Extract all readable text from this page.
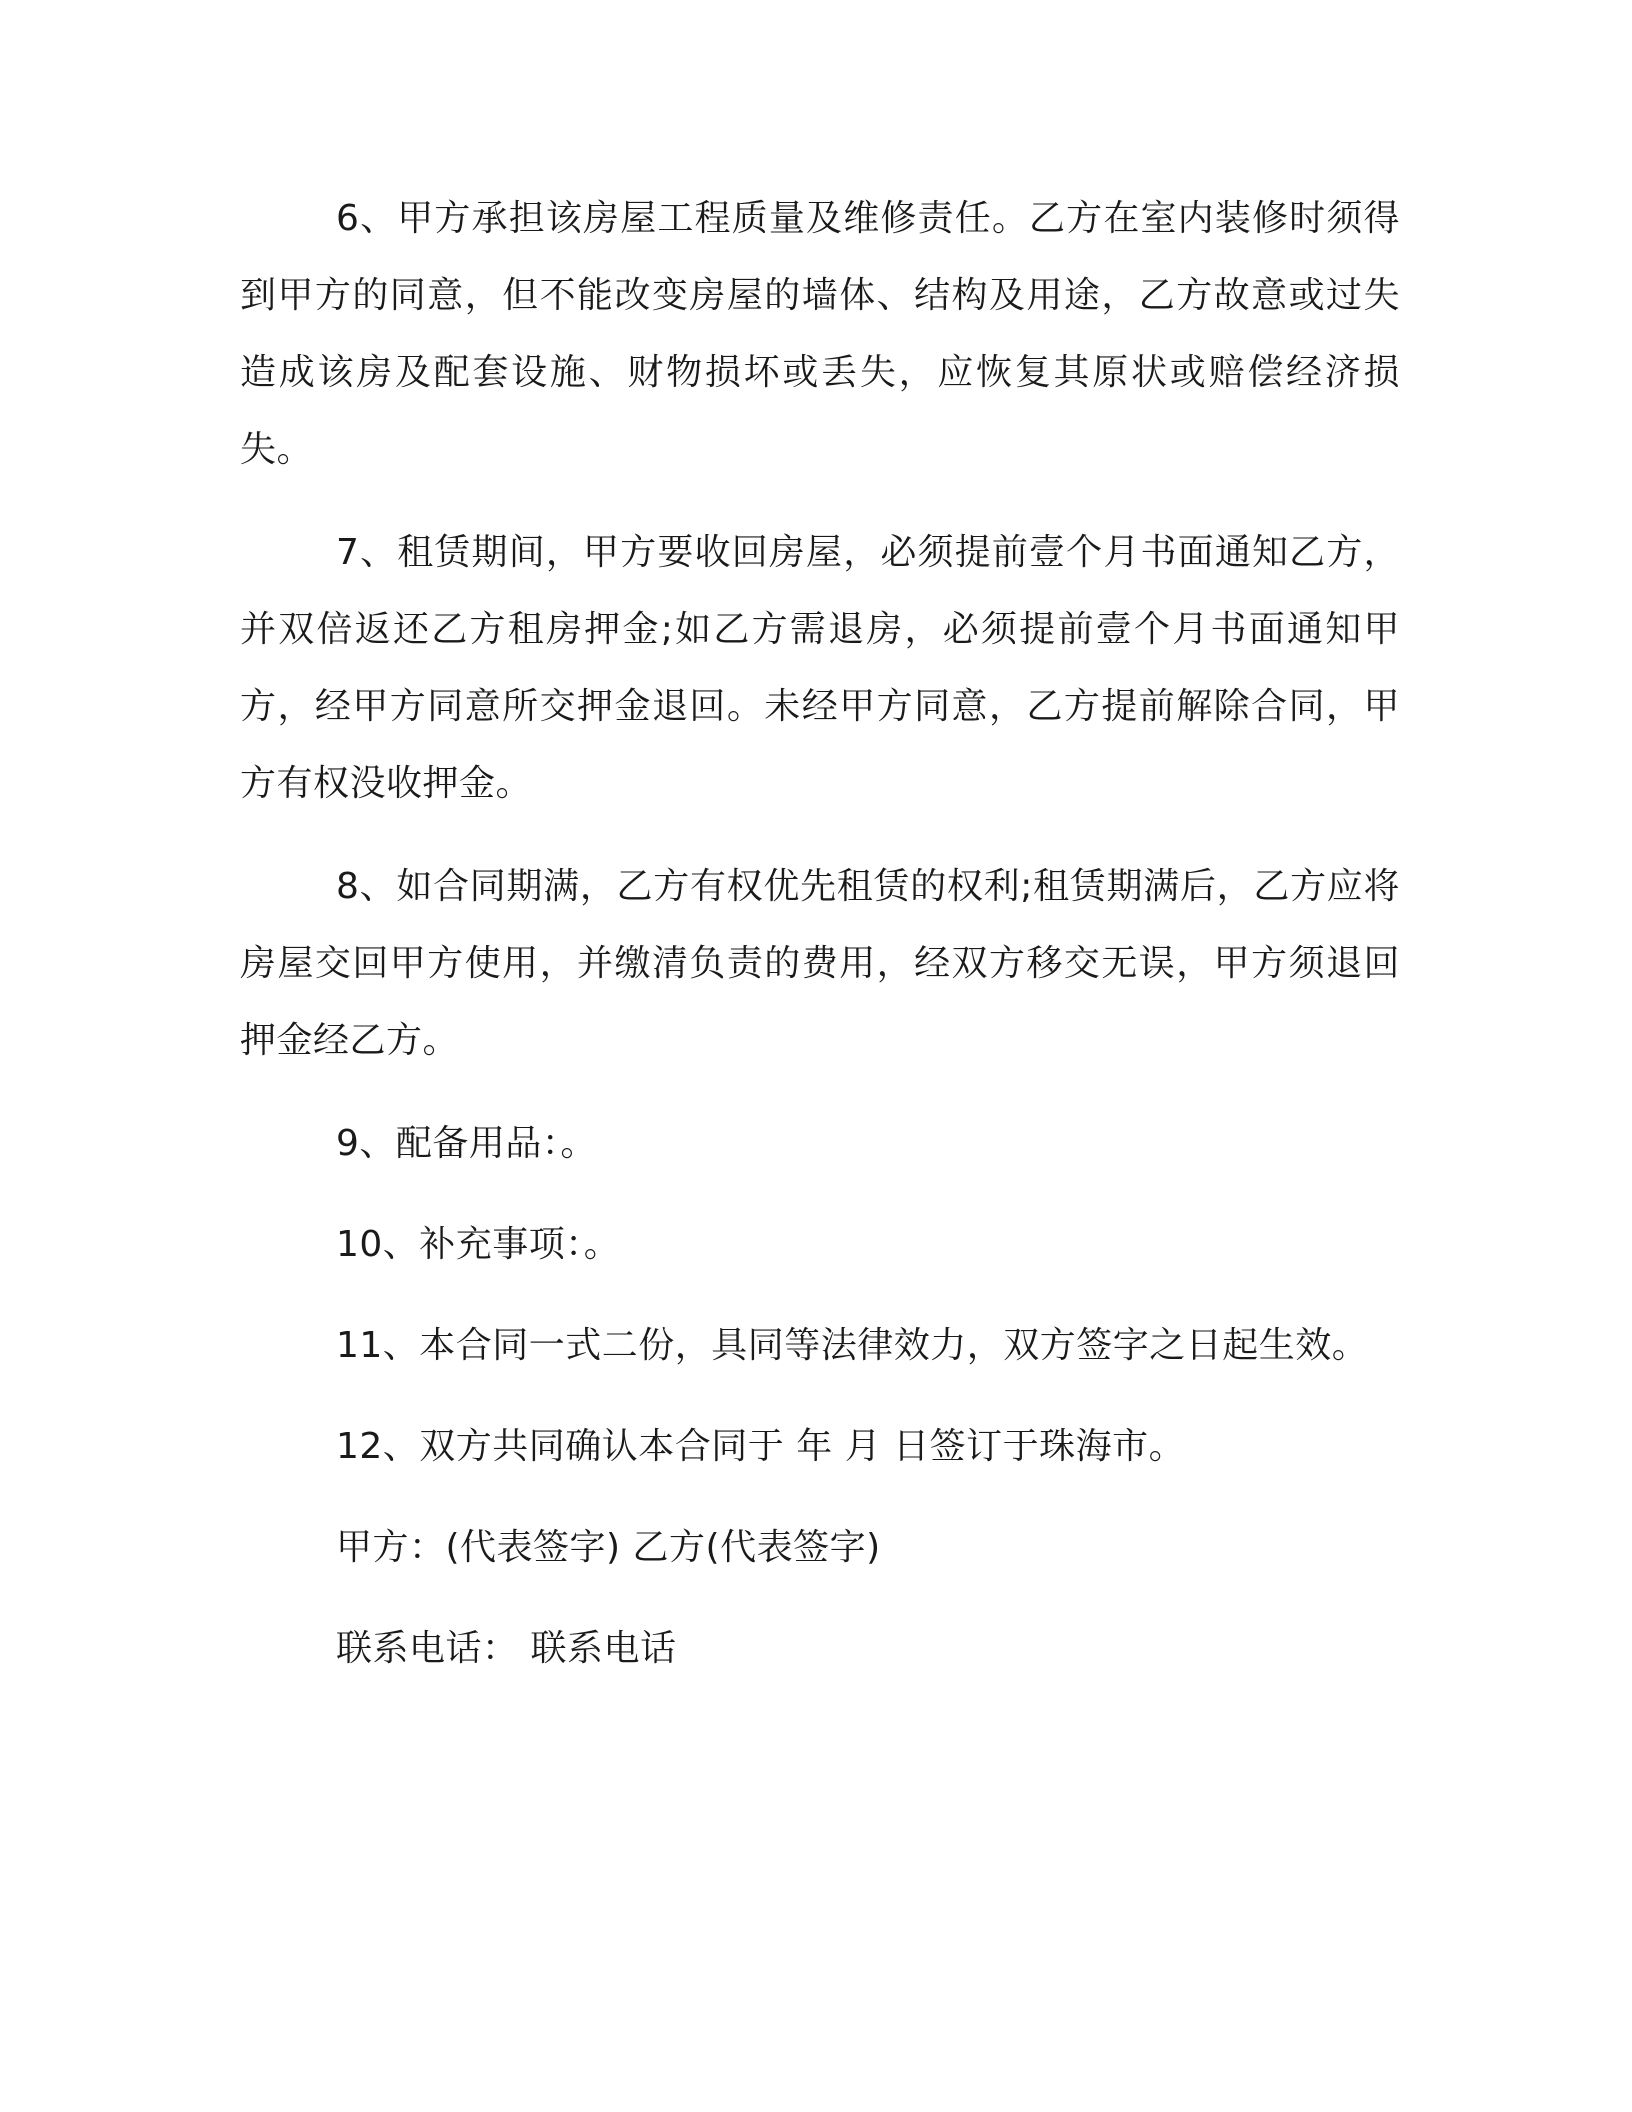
6、甲方承担该房屋工程质量及维修责任。乙方在室内装修时须得到甲方的同意，但不能改变房屋的墙体、结构及用途，乙方故意或过失造成该房及配套设施、财物损坏或丢失，应恢复其原状或赔偿经济损失。

7、租赁期间，甲方要收回房屋，必须提前壹个月书面通知乙方，并双倍返还乙方租房押金;如乙方需退房，必须提前壹个月书面通知甲方，经甲方同意所交押金退回。未经甲方同意，乙方提前解除合同，甲方有权没收押金。

8、如合同期满，乙方有权优先租赁的权利;租赁期满后，乙方应将房屋交回甲方使用，并缴清负责的费用，经双方移交无误，甲方须退回押金经乙方。

9、配备用品：。

10、补充事项：。

11、本合同一式二份，具同等法律效力，双方签字之日起生效。

12、双方共同确认本合同于 年 月 日签订于珠海市。

甲方：(代表签字) 乙方(代表签字)

联系电话： 联系电话
